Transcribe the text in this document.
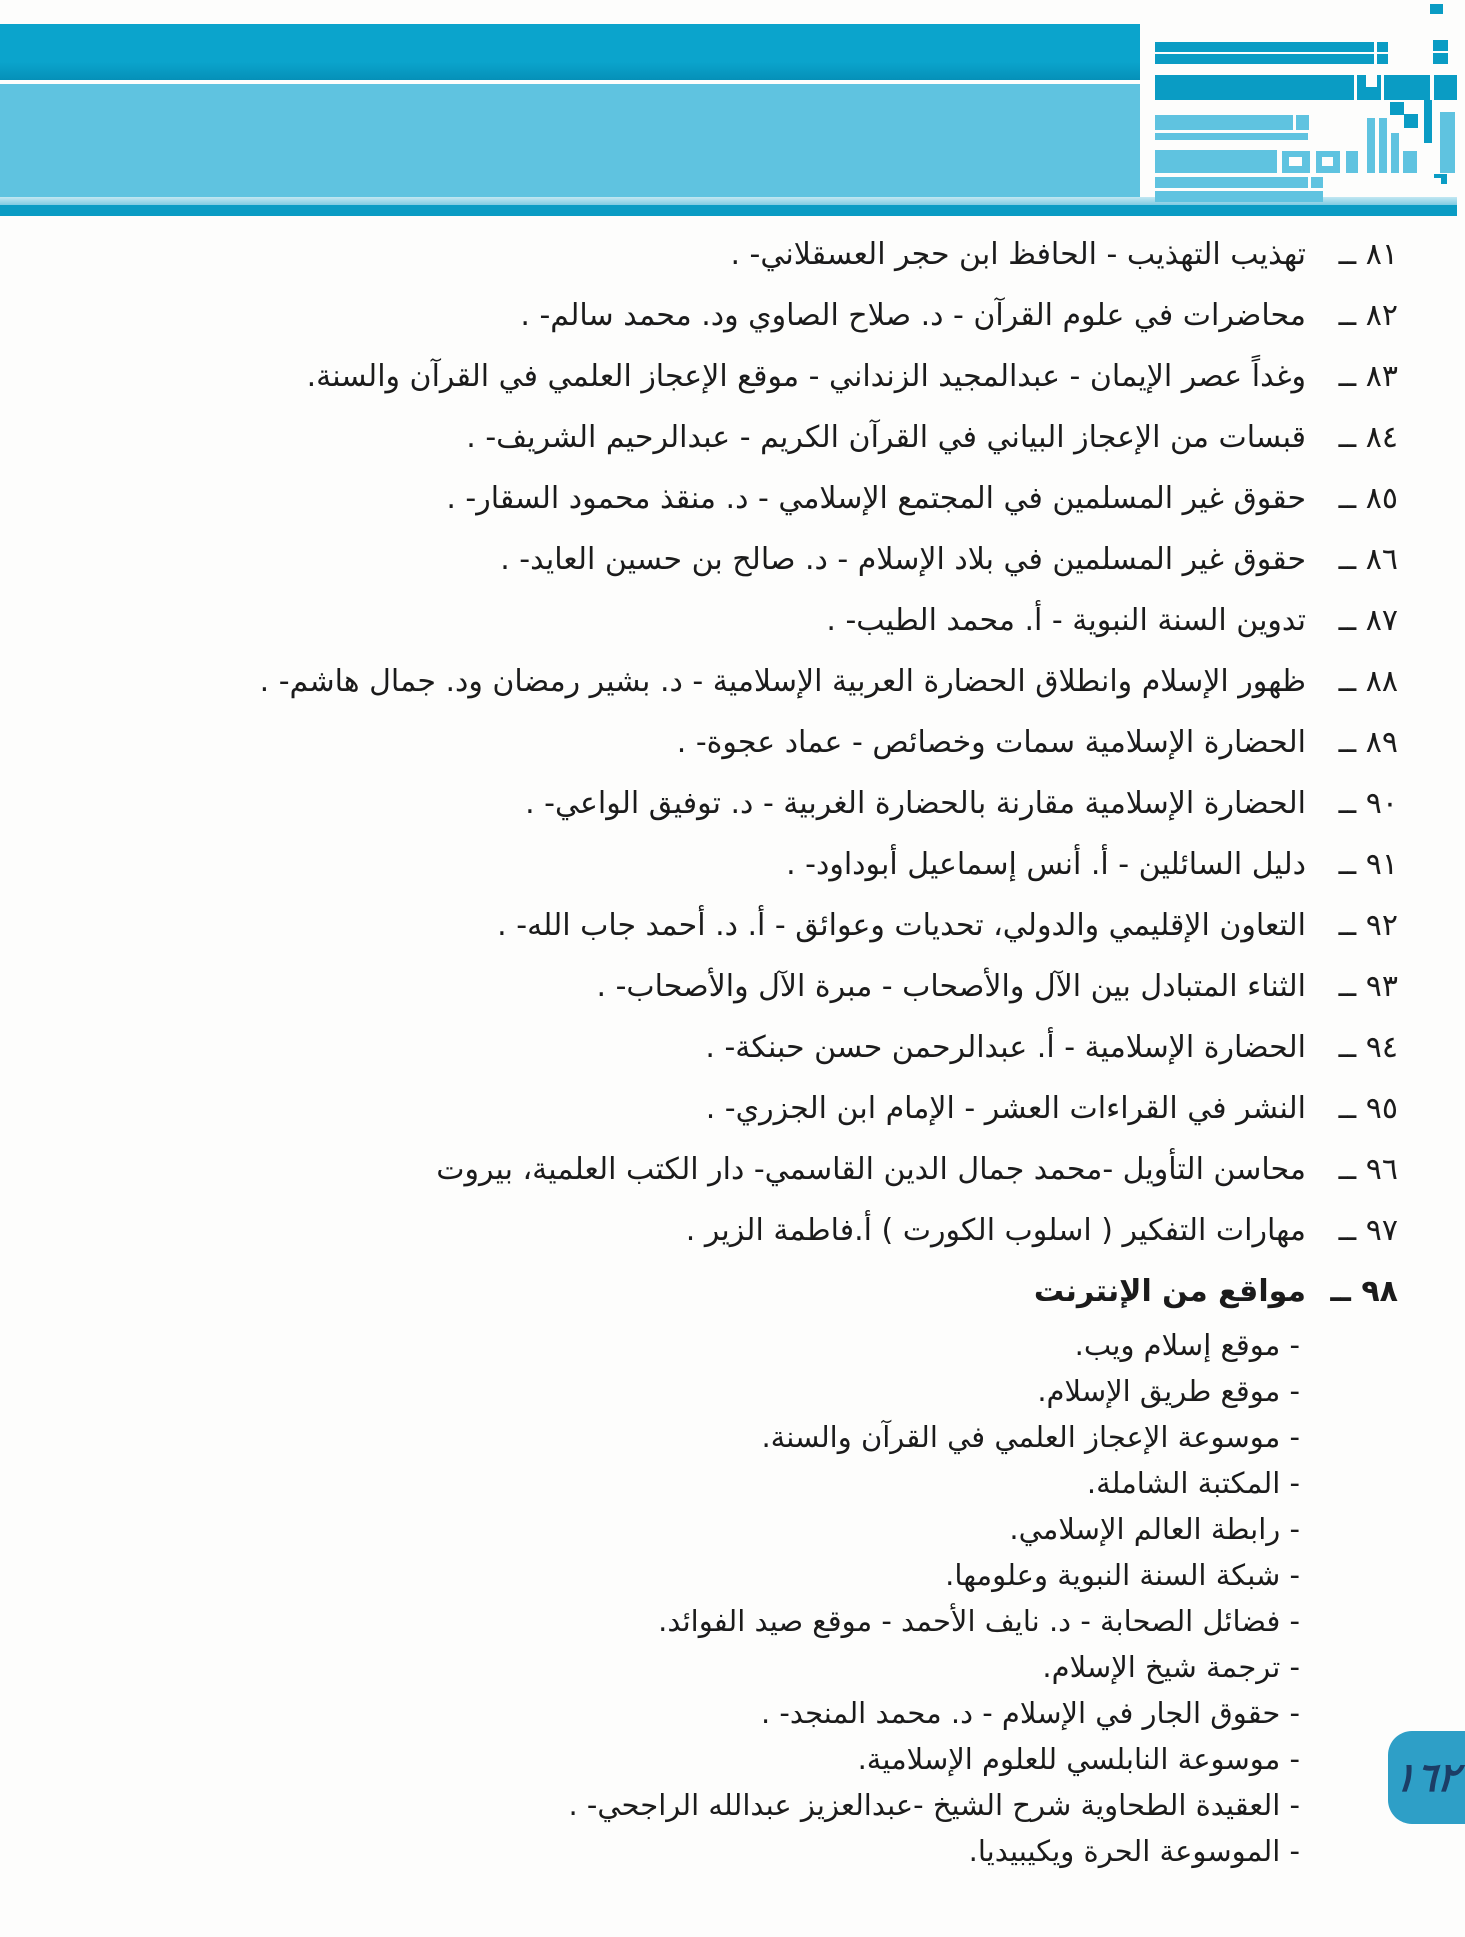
٨١ ــتهذيب التهذيب - الحافظ ابن حجر العسقلاني- .
٨٢ ــمحاضرات في علوم القرآن - د. صلاح الصاوي ود. محمد سالم- .
٨٣ ــوغداً عصر الإيمان - عبدالمجيد الزنداني - موقع الإعجاز العلمي في القرآن والسنة.
٨٤ ــقبسات من الإعجاز البياني في القرآن الكريم - عبدالرحيم الشريف- .
٨٥ ــحقوق غير المسلمين في المجتمع الإسلامي - د. منقذ محمود السقار- .
٨٦ ــحقوق غير المسلمين في بلاد الإسلام - د. صالح بن حسين العايد- .
٨٧ ــتدوين السنة النبوية - أ. محمد الطيب- .
٨٨ ــظهور الإسلام وانطلاق الحضارة العربية الإسلامية - د. بشير رمضان ود. جمال هاشم- .
٨٩ ــالحضارة الإسلامية سمات وخصائص - عماد عجوة- .
٩٠ ــالحضارة الإسلامية مقارنة بالحضارة الغربية - د. توفيق الواعي- .
٩١ ــدليل السائلين - أ. أنس إسماعيل أبوداود- .
٩٢ ــالتعاون الإقليمي والدولي، تحديات وعوائق - أ. د. أحمد جاب الله- .
٩٣ ــالثناء المتبادل بين الآل والأصحاب - مبرة الآل والأصحاب- .
٩٤ ــالحضارة الإسلامية - أ. عبدالرحمن حسن حبنكة- .
٩٥ ــالنشر في القراءات العشر - الإمام ابن الجزري- .
٩٦ ــمحاسن التأويل -محمد جمال الدين القاسمي- دار الكتب العلمية، بيروت
٩٧ ــمهارات التفكير ( اسلوب الكورت ) أ.فاطمة الزير .
٩٨ ــمواقع من الإنترنت
- موقع إسلام ويب.
- موقع طريق الإسلام.
- موسوعة الإعجاز العلمي في القرآن والسنة.
- المكتبة الشاملة.
- رابطة العالم الإسلامي.
- شبكة السنة النبوية وعلومها.
- فضائل الصحابة - د. نايف الأحمد - موقع صيد الفوائد.
- ترجمة شيخ الإسلام.
- حقوق الجار في الإسلام - د. محمد المنجد- .
- موسوعة النابلسي للعلوم الإسلامية.
- العقيدة الطحاوية شرح الشيخ -عبدالعزيز عبدالله الراجحي- .
- الموسوعة الحرة ويكيبيديا.
١٦٢
